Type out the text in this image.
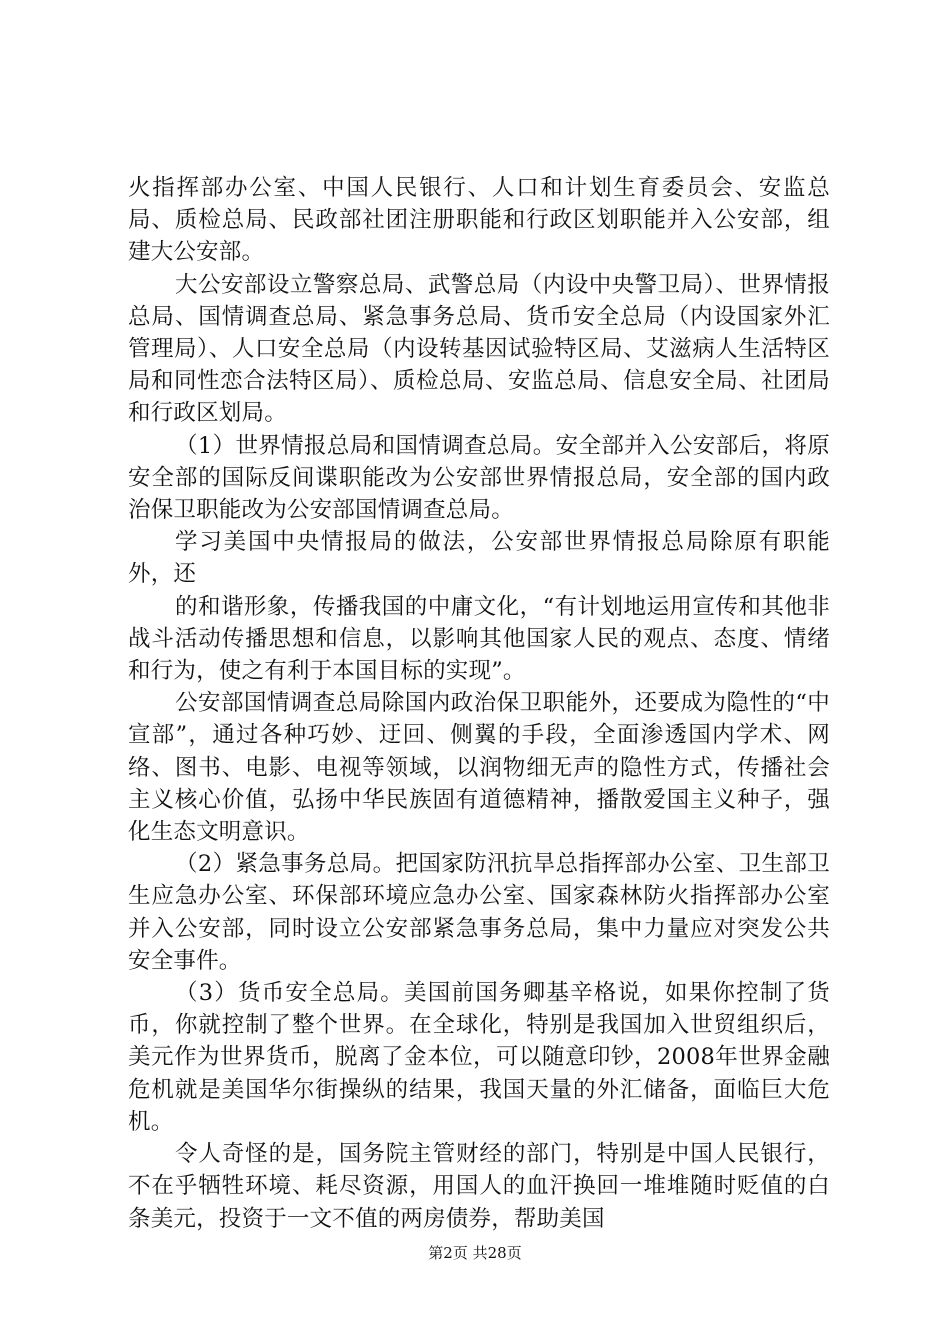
火指挥部办公室、中国人民银行、人口和计划生育委员会、安监总局、质检总局、民政部社团注册职能和行政区划职能并入公安部，组建大公安部。

大公安部设立警察总局、武警总局（内设中央警卫局）、世界情报总局、国情调查总局、紧急事务总局、货币安全总局（内设国家外汇管理局）、人口安全总局（内设转基因试验特区局、艾滋病人生活特区局和同性恋合法特区局）、质检总局、安监总局、信息安全局、社团局和行政区划局。

（1）世界情报总局和国情调查总局。安全部并入公安部后，将原安全部的国际反间谍职能改为公安部世界情报总局，安全部的国内政治保卫职能改为公安部国情调查总局。

学习美国中央情报局的做法，公安部世界情报总局除原有职能外，还

的和谐形象，传播我国的中庸文化，“有计划地运用宣传和其他非战斗活动传播思想和信息，以影响其他国家人民的观点、态度、情绪和行为，使之有利于本国目标的实现”。

公安部国情调查总局除国内政治保卫职能外，还要成为隐性的“中宣部”，通过各种巧妙、迂回、侧翼的手段，全面渗透国内学术、网络、图书、电影、电视等领域，以润物细无声的隐性方式，传播社会主义核心价值，弘扬中华民族固有道德精神，播散爱国主义种子，强化生态文明意识。

（2）紧急事务总局。把国家防汛抗旱总指挥部办公室、卫生部卫生应急办公室、环保部环境应急办公室、国家森林防火指挥部办公室并入公安部，同时设立公安部紧急事务总局，集中力量应对突发公共安全事件。

（3）货币安全总局。美国前国务卿基辛格说，如果你控制了货币，你就控制了整个世界。在全球化，特别是我国加入世贸组织后，美元作为世界货币，脱离了金本位，可以随意印钞，2008年世界金融危机就是美国华尔街操纵的结果，我国天量的外汇储备，面临巨大危机。

令人奇怪的是，国务院主管财经的部门，特别是中国人民银行，不在乎牺牲环境、耗尽资源，用国人的血汗换回一堆堆随时贬值的白条美元，投资于一文不值的两房债券，帮助美国

第2页 共28页
